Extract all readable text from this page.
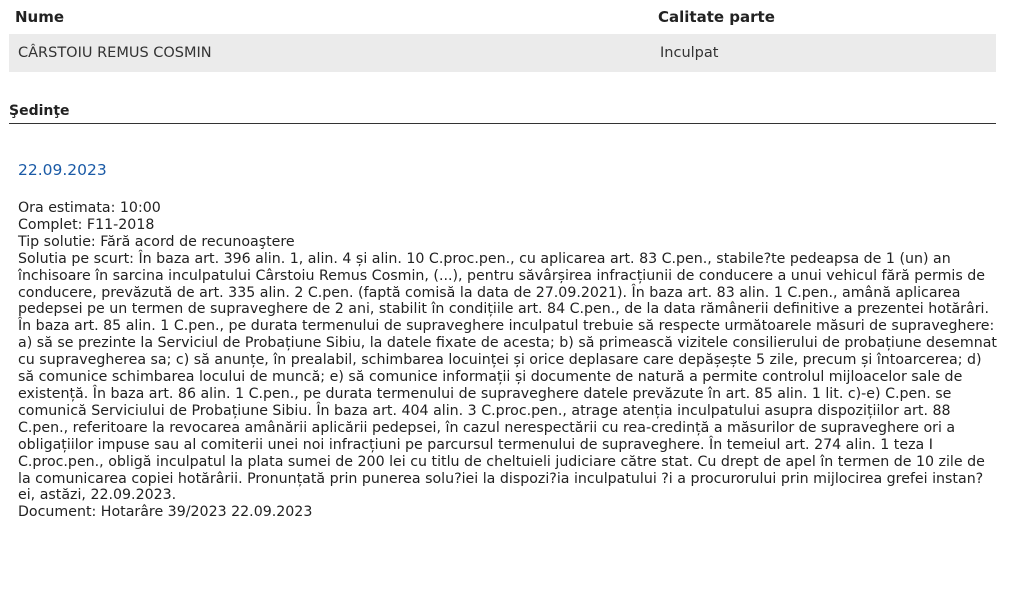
Nume	Calitate parte
CÂRSTOIU REMUS COSMIN	Inculpat
Şedinţe
22.09.2023
Ora estimata: 10:00
Complet: F11-2018
Tip solutie: Fără acord de recunoaştere
Solutia pe scurt: În baza art. 396 alin. 1, alin. 4 și alin. 10 C.proc.pen., cu aplicarea art. 83 C.pen., stabile?te pedeapsa de 1 (un) an închisoare în sarcina inculpatului Cârstoiu Remus Cosmin, (...), pentru săvârșirea infracțiunii de conducere a unui vehicul fără permis de conducere, prevăzută de art. 335 alin. 2 C.pen. (faptă comisă la data de 27.09.2021). În baza art. 83 alin. 1 C.pen., amână aplicarea pedepsei pe un termen de supraveghere de 2 ani, stabilit în condițiile art. 84 C.pen., de la data rămânerii definitive a prezentei hotărâri. În baza art. 85 alin. 1 C.pen., pe durata termenului de supraveghere inculpatul trebuie să respecte următoarele măsuri de supraveghere: a) să se prezinte la Serviciul de Probațiune Sibiu, la datele fixate de acesta; b) să primească vizitele consilierului de probațiune desemnat cu supravegherea sa; c) să anunțe, în prealabil, schimbarea locuinței și orice deplasare care depășește 5 zile, precum și întoarcerea; d) să comunice schimbarea locului de muncă; e) să comunice informații și documente de natură a permite controlul mijloacelor sale de existență. În baza art. 86 alin. 1 C.pen., pe durata termenului de supraveghere datele prevăzute în art. 85 alin. 1 lit. c)-e) C.pen. se comunică Serviciului de Probațiune Sibiu. În baza art. 404 alin. 3 C.proc.pen., atrage atenția inculpatului asupra dispozițiilor art. 88 C.pen., referitoare la revocarea amânării aplicării pedepsei, în cazul nerespectării cu rea-credință a măsurilor de supraveghere ori a obligațiilor impuse sau al comiterii unei noi infracțiuni pe parcursul termenului de supraveghere. În temeiul art. 274 alin. 1 teza I C.proc.pen., obligă inculpatul la plata sumei de 200 lei cu titlu de cheltuieli judiciare către stat. Cu drept de apel în termen de 10 zile de la comunicarea copiei hotărârii. Pronunțată prin punerea solu?iei la dispozi?ia inculpatului ?i a procurorului prin mijlocirea grefei instan?ei, astăzi, 22.09.2023.
Document: Hotarâre 39/2023 22.09.2023
